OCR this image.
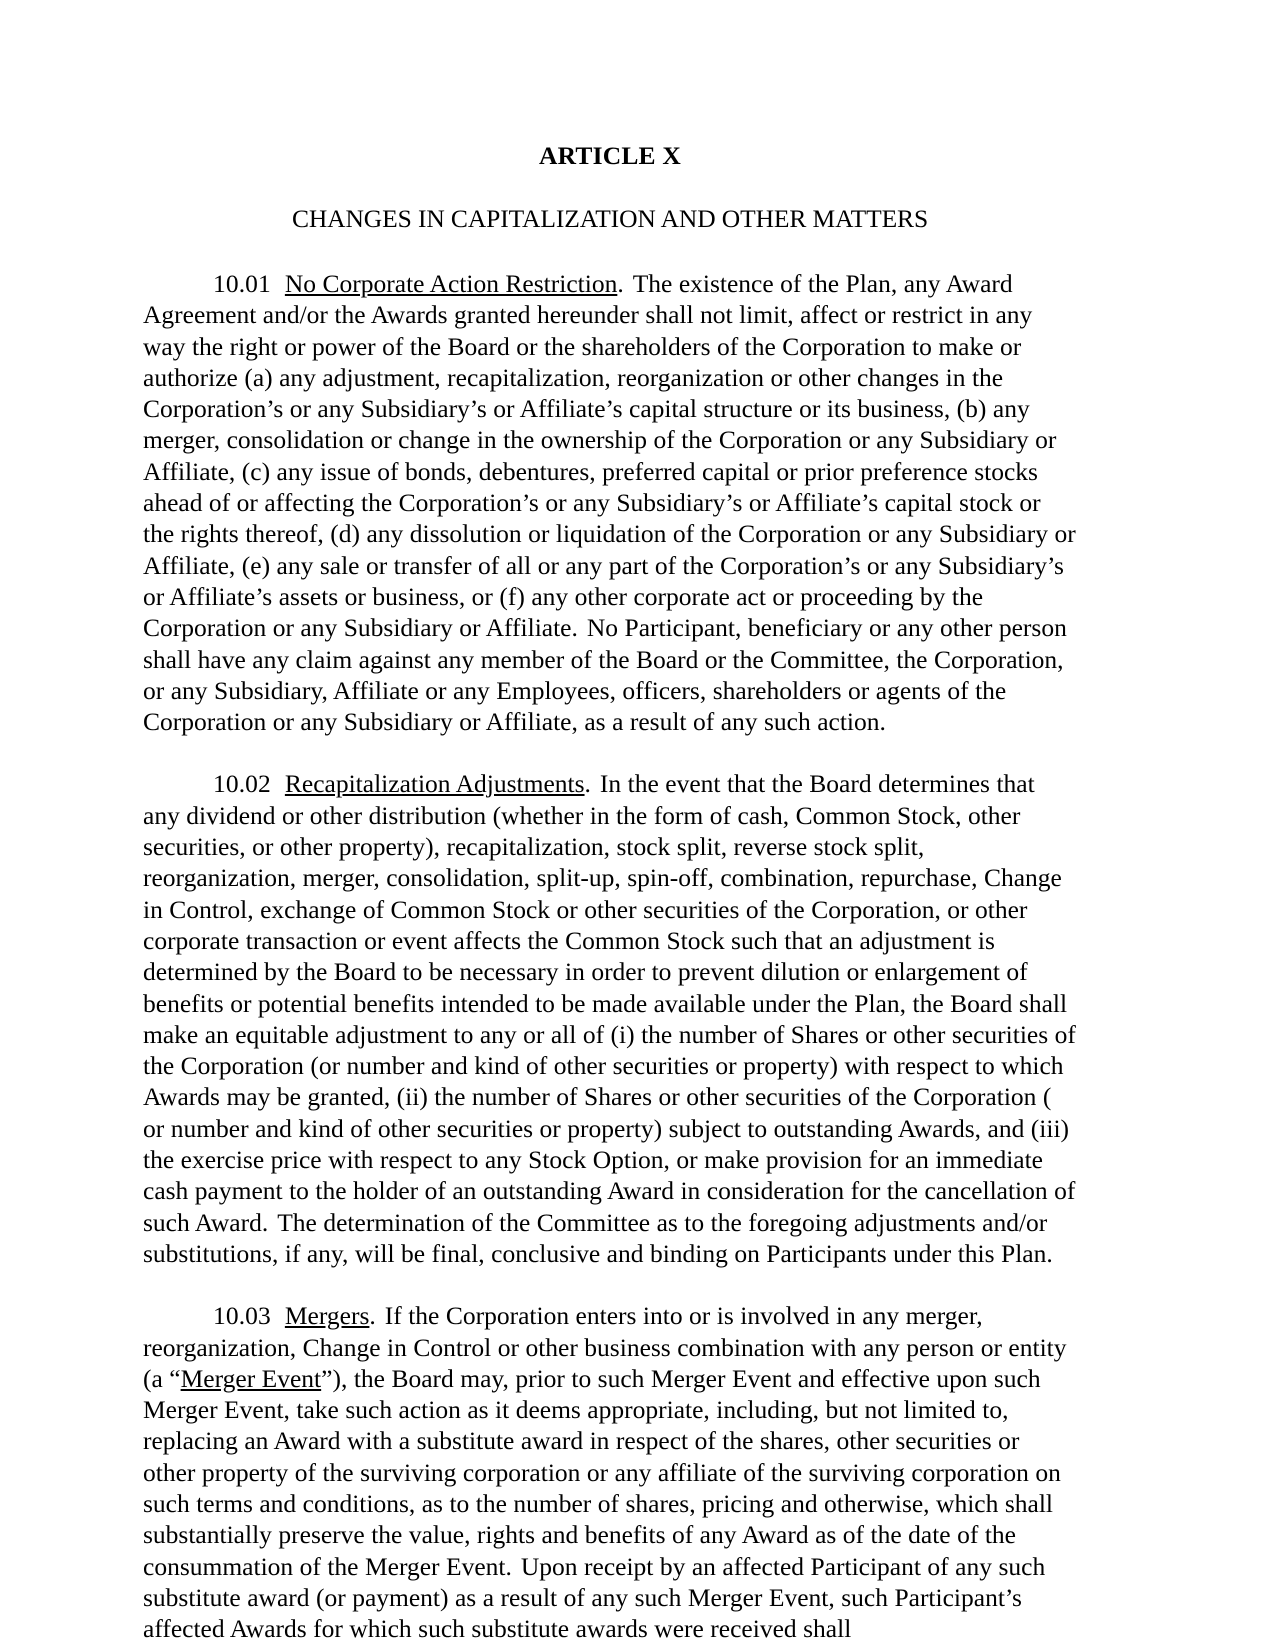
ARTICLE X
CHANGES IN CAPITALIZATION AND OTHER MATTERS

10.01 No Corporate Action Restriction. The existence of the Plan, any Award Agreement and/or the Awards granted hereunder shall not limit, affect or restrict in any way the right or power of the Board or the shareholders of the Corporation to make or authorize (a) any adjustment, recapitalization, reorganization or other changes in the Corporation’s or any Subsidiary’s or Affiliate’s capital structure or its business, (b) any merger, consolidation or change in the ownership of the Corporation or any Subsidiary or Affiliate, (c) any issue of bonds, debentures, preferred capital or prior preference stocks ahead of or affecting the Corporation’s or any Subsidiary’s or Affiliate’s capital stock or the rights thereof, (d) any dissolution or liquidation of the Corporation or any Subsidiary or Affiliate, (e) any sale or transfer of all or any part of the Corporation’s or any Subsidiary’s or Affiliate’s assets or business, or (f) any other corporate act or proceeding by the Corporation or any Subsidiary or Affiliate. No Participant, beneficiary or any other person shall have any claim against any member of the Board or the Committee, the Corporation, or any Subsidiary, Affiliate or any Employees, officers, shareholders or agents of the Corporation or any Subsidiary or Affiliate, as a result of any such action.

10.02 Recapitalization Adjustments. In the event that the Board determines that any dividend or other distribution (whether in the form of cash, Common Stock, other securities, or other property), recapitalization, stock split, reverse stock split, reorganization, merger, consolidation, split-up, spin-off, combination, repurchase, Change in Control, exchange of Common Stock or other securities of the Corporation, or other corporate transaction or event affects the Common Stock such that an adjustment is determined by the Board to be necessary in order to prevent dilution or enlargement of benefits or potential benefits intended to be made available under the Plan, the Board shall make an equitable adjustment to any or all of (i) the number of Shares or other securities of the Corporation (or number and kind of other securities or property) with respect to which Awards may be granted, (ii) the number of Shares or other securities of the Corporation ( or number and kind of other securities or property) subject to outstanding Awards, and (iii) the exercise price with respect to any Stock Option, or make provision for an immediate cash payment to the holder of an outstanding Award in consideration for the cancellation of such Award. The determination of the Committee as to the foregoing adjustments and/or substitutions, if any, will be final, conclusive and binding on Participants under this Plan.

10.03 Mergers. If the Corporation enters into or is involved in any merger, reorganization, Change in Control or other business combination with any person or entity (a “Merger Event”), the Board may, prior to such Merger Event and effective upon such Merger Event, take such action as it deems appropriate, including, but not limited to, replacing an Award with a substitute award in respect of the shares, other securities or other property of the surviving corporation or any affiliate of the surviving corporation on such terms and conditions, as to the number of shares, pricing and otherwise, which shall substantially preserve the value, rights and benefits of any Award as of the date of the consummation of the Merger Event. Upon receipt by an affected Participant of any such substitute award (or payment) as a result of any such Merger Event, such Participant’s affected Awards for which such substitute awards were received shall
